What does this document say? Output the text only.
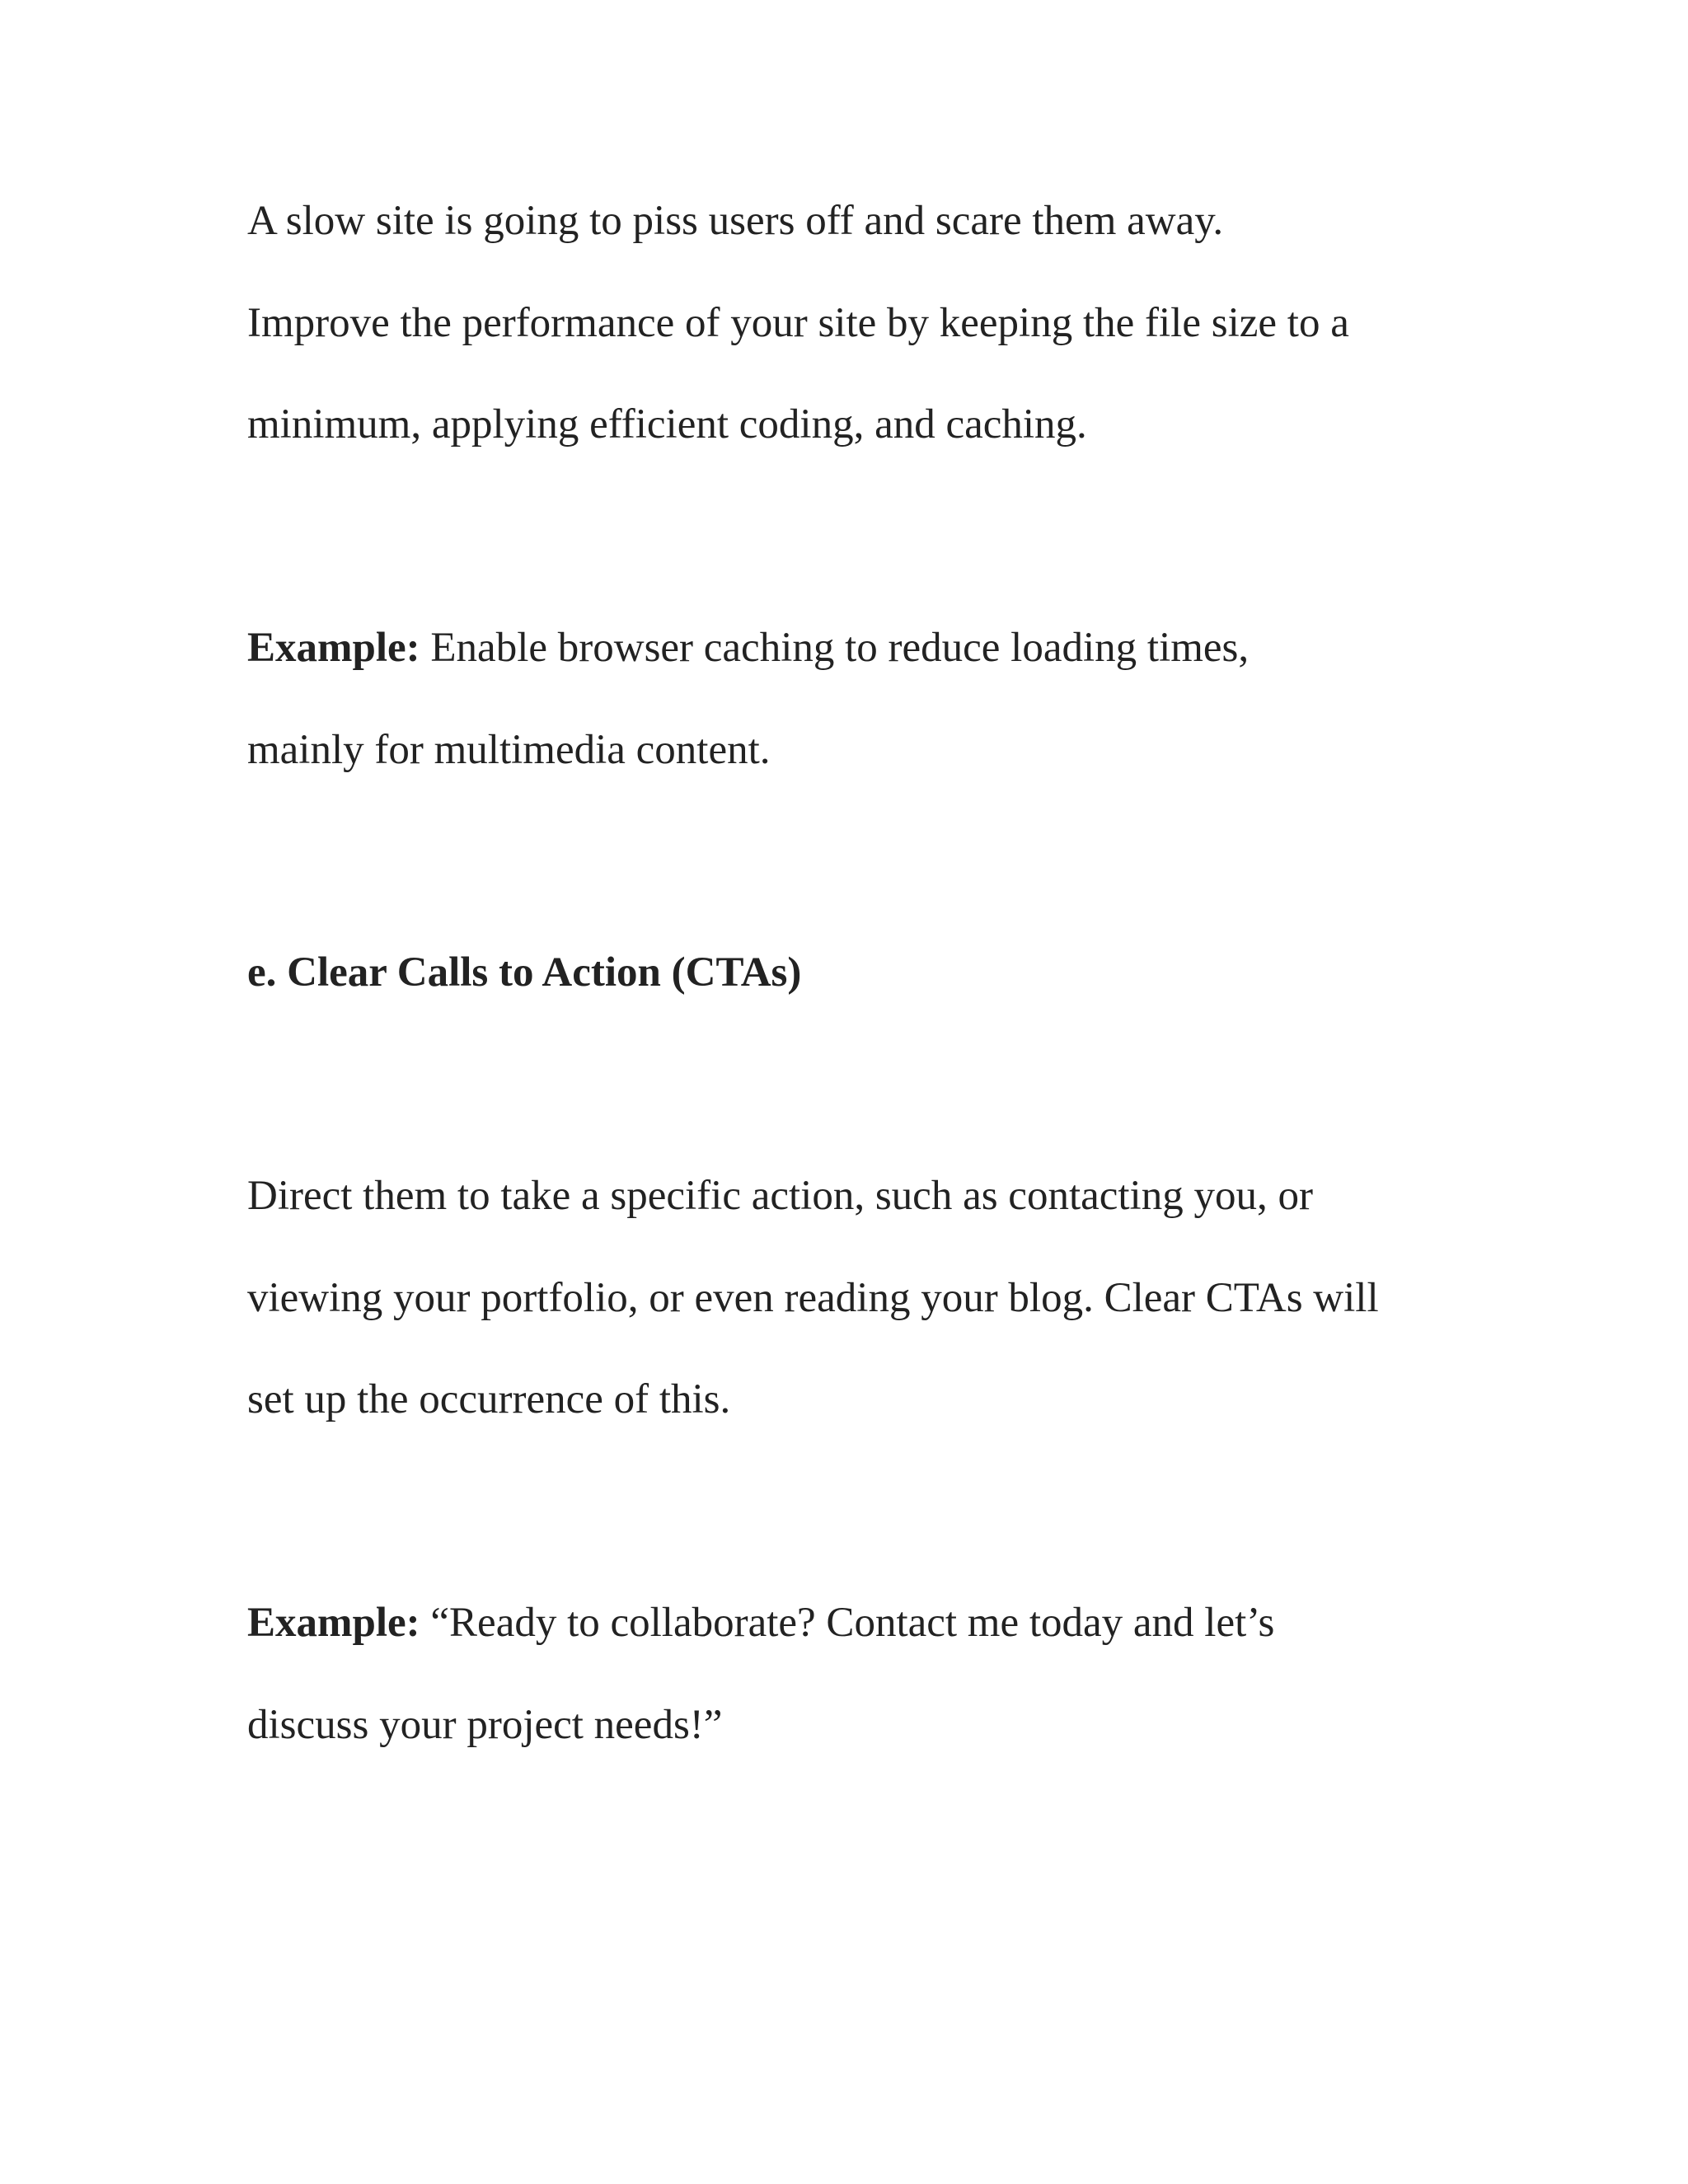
A slow site is going to piss users off and scare them away.

Improve the performance of your site by keeping the file size to a

minimum, applying efficient coding, and caching.

Example: Enable browser caching to reduce loading times,

mainly for multimedia content.

e. Clear Calls to Action (CTAs)

Direct them to take a specific action, such as contacting you, or

viewing your portfolio, or even reading your blog. Clear CTAs will

set up the occurrence of this.

Example: “Ready to collaborate? Contact me today and let’s

discuss your project needs!”
